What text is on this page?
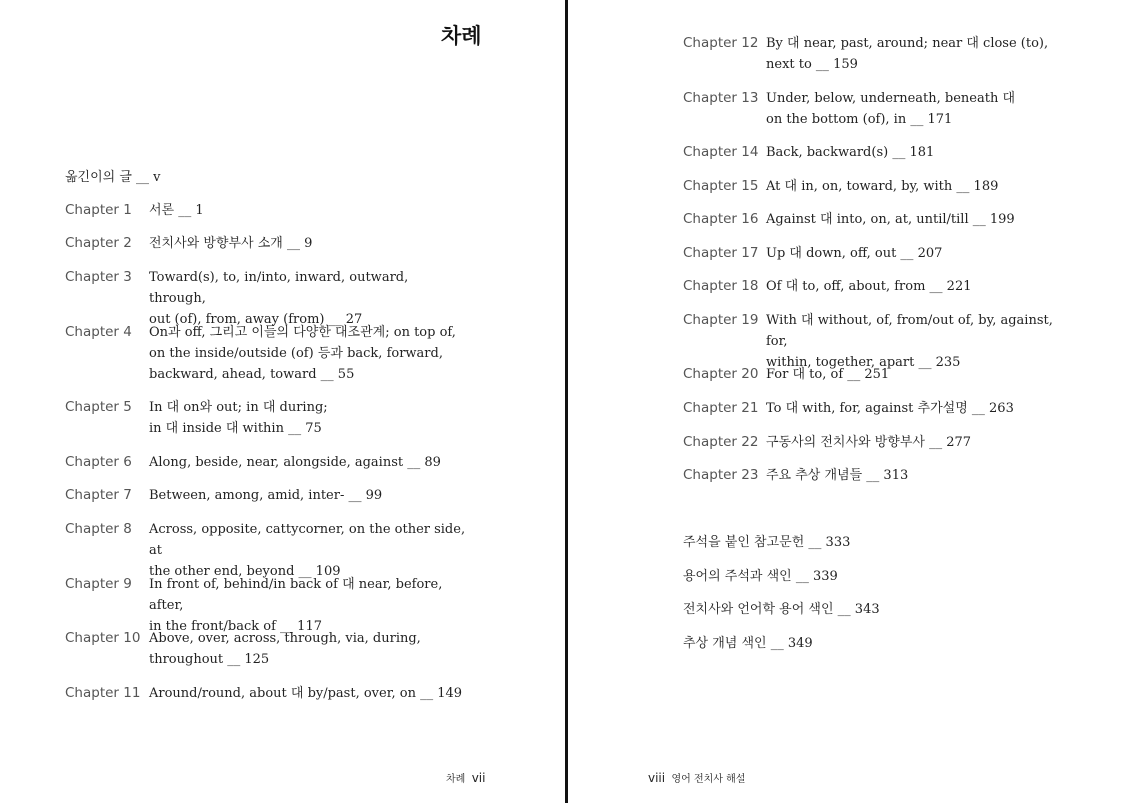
차례
옮긴이의 글 __ v
Chapter 1 서론 __ 1
Chapter 2 전치사와 방향부사 소개 __ 9
Chapter 3 Toward(s), to, in/into, inward, outward, through,
out (of), from, away (from) __ 27
Chapter 4 On과 off, 그리고 이들의 다양한 대조관계; on top of,
on the inside/outside (of) 등과 back, forward,
backward, ahead, toward __ 55
Chapter 5 In 대 on와 out; in 대 during;
in 대 inside 대 within __ 75
Chapter 6 Along, beside, near, alongside, against __ 89
Chapter 7 Between, among, amid, inter- __ 99
Chapter 8 Across, opposite, cattycorner, on the other side, at
the other end, beyond __ 109
Chapter 9 In front of, behind/in back of 대 near, before, after,
in the front/back of __ 117
Chapter 10 Above, over, across, through, via, during,
throughout __ 125
Chapter 11 Around/round, about 대 by/past, over, on __ 149
차례 vii
Chapter 12 By 대 near, past, around; near 대 close (to),
next to __ 159
Chapter 13 Under, below, underneath, beneath 대
on the bottom (of), in __ 171
Chapter 14 Back, backward(s) __ 181
Chapter 15 At 대 in, on, toward, by, with __ 189
Chapter 16 Against 대 into, on, at, until/till __ 199
Chapter 17 Up 대 down, off, out __ 207
Chapter 18 Of 대 to, off, about, from __ 221
Chapter 19 With 대 without, of, from/out of, by, against, for,
within, together, apart __ 235
Chapter 20 For 대 to, of __ 251
Chapter 21 To 대 with, for, against 추가설명 __ 263
Chapter 22 구동사의 전치사와 방향부사 __ 277
Chapter 23 주요 추상 개념들 __ 313
주석을 붙인 참고문헌 __ 333
용어의 주석과 색인 __ 339
전치사와 언어학 용어 색인 __ 343
추상 개념 색인 __ 349
viii 영어 전치사 해설
